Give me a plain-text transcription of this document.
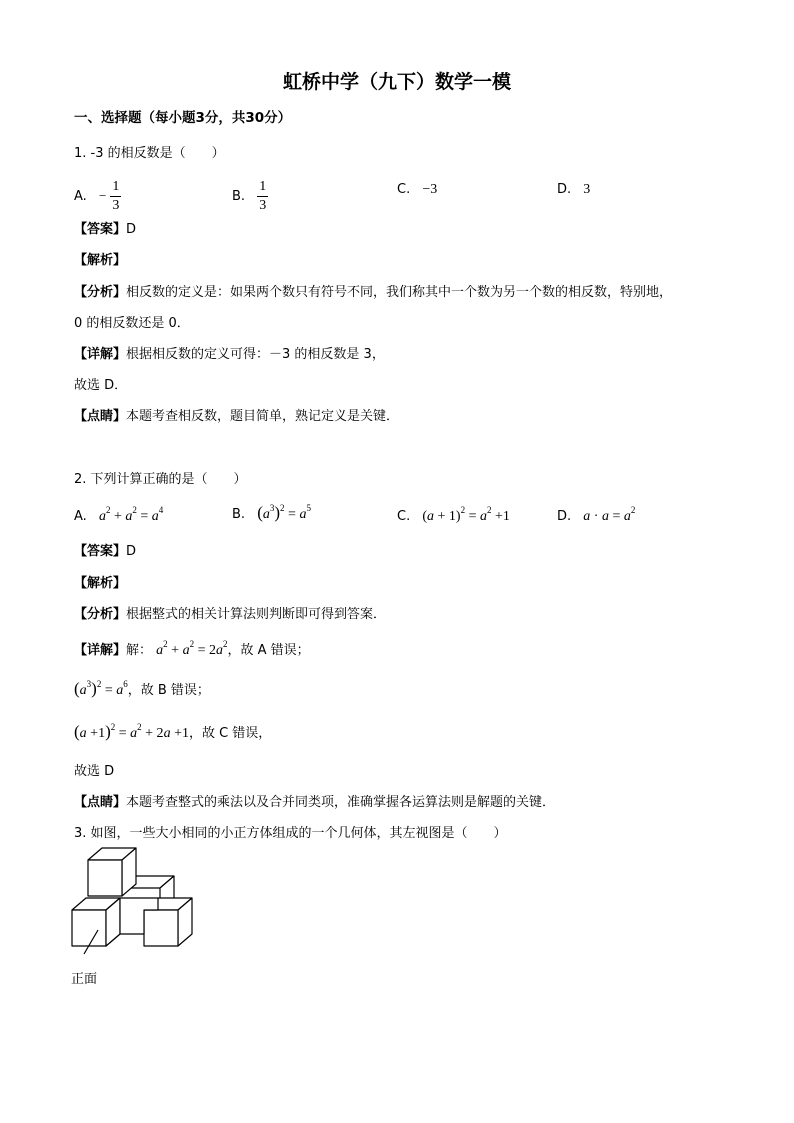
虹桥中学（九下）数学一模
一、选择题（每小题3分，共30分）
1. -3 的相反数是（　　）
A. − $\frac{1}{3}$	B. $\frac{1}{3}$	C. −3	D. 3
【答案】D
【解析】
【分析】相反数的定义是：如果两个数只有符号不同，我们称其中一个数为另一个数的相反数，特别地，
0 的相反数还是 0．
【详解】根据相反数的定义可得：－3 的相反数是 3，
故选 D．
【点睛】本题考查相反数，题目简单，熟记定义是关键．
2. 下列计算正确的是（　　）
A. $a^2 + a^2 = a^4$	B. $(a^3)^2 = a^5$
C. $(a + 1)^2 = a^2 +1$	D. $a \cdot a = a^2$
【答案】D
【解析】
【分析】根据整式的相关计算法则判断即可得到答案．
【详解】解： $a^2 + a^2 = 2a^2$，故 A 错误；
$(a^3)^2 = a^6$，故 B 错误；
$(a +1)^2 = a^2 + 2a +1$，故 C 错误，
故选 D
【点睛】本题考查整式的乘法以及合并同类项，准确掌握各运算法则是解题的关键．
3. 如图，一些大小相同的小正方体组成的一个几何体，其左视图是（　　）
正面
